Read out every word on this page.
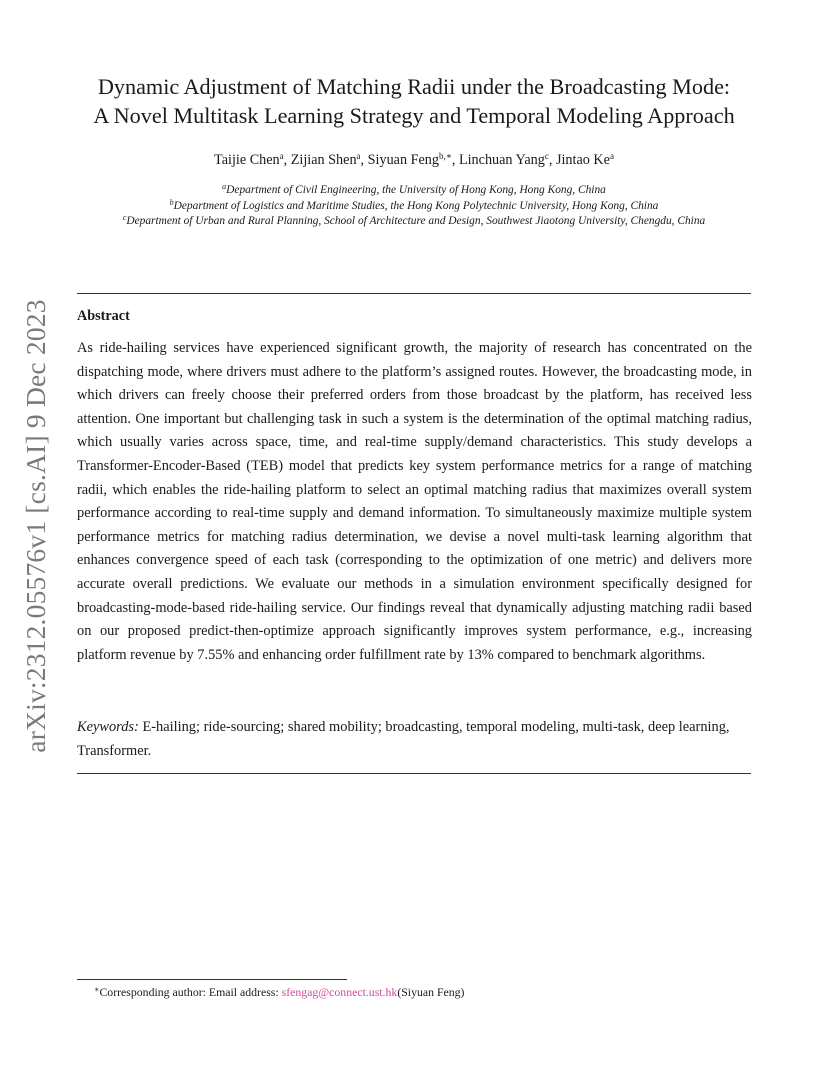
arXiv:2312.05576v1 [cs.AI] 9 Dec 2023
Dynamic Adjustment of Matching Radii under the Broadcasting Mode:
A Novel Multitask Learning Strategy and Temporal Modeling Approach
Taijie Chen$^a$, Zijian Shen$^a$, Siyuan Feng$^{b,∗}$, Linchuan Yang$^c$, Jintao Ke$^a$
$^a$Department of Civil Engineering, the University of Hong Kong, Hong Kong, China
$^b$Department of Logistics and Maritime Studies, the Hong Kong Polytechnic University, Hong Kong, China
$^c$Department of Urban and Rural Planning, School of Architecture and Design, Southwest Jiaotong University, Chengdu, China
Abstract

As ride-hailing services have experienced significant growth, the majority of research has concentrated on the dispatching mode, where drivers must adhere to the platform’s assigned routes. However, the broadcasting mode, in which drivers can freely choose their preferred orders from those broadcast by the platform, has received less attention. One important but challenging task in such a system is the determination of the optimal matching radius, which usually varies across space, time, and real-time supply/demand characteristics. This study develops a Transformer-Encoder-Based (TEB) model that predicts key system performance metrics for a range of matching radii, which enables the ride-hailing platform to select an optimal matching radius that maximizes overall system performance according to real-time supply and demand information. To simultaneously maximize multiple system performance metrics for matching radius determination, we devise a novel multi-task learning algorithm that enhances convergence speed of each task (corresponding to the optimization of one metric) and delivers more accurate overall predictions. We evaluate our methods in a simulation environment specifically designed for broadcasting-mode-based ride-hailing service. Our findings reveal that dynamically adjusting matching radii based on our proposed predict-then-optimize approach significantly improves system performance, e.g., increasing platform revenue by 7.55% and enhancing order fulfillment rate by 13% compared to benchmark algorithms.

Keywords: E-hailing; ride-sourcing; shared mobility; broadcasting, temporal modeling, multi-task, deep learning, Transformer.

∗Corresponding author: Email address: sfengag@connect.ust.hk(Siyuan Feng)
